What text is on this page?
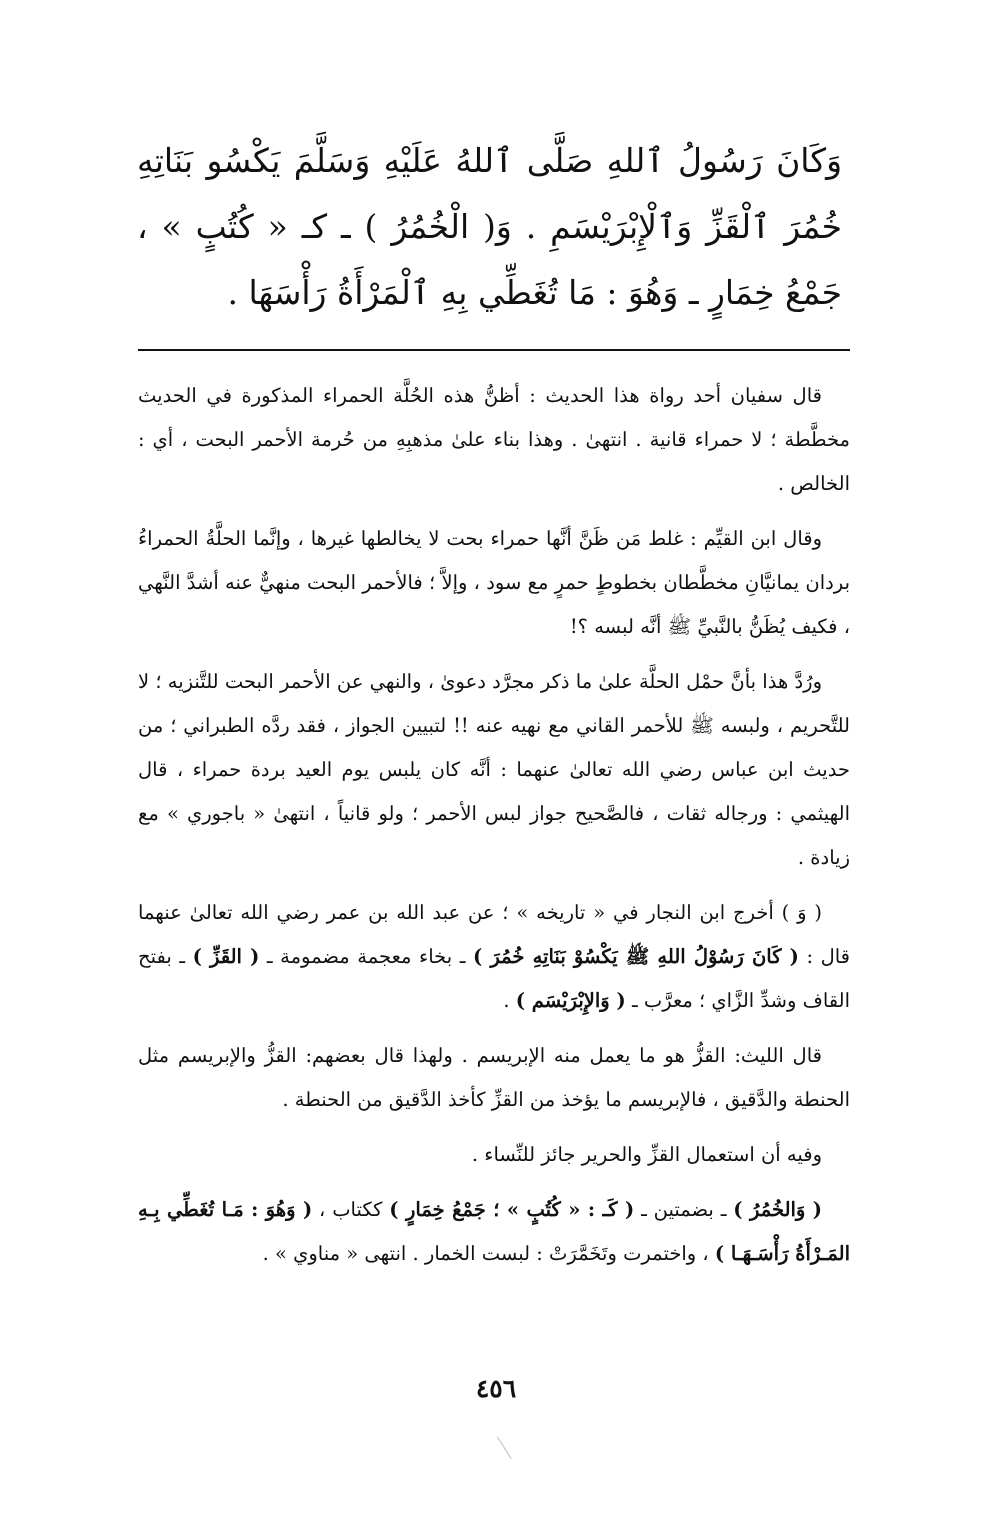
وَكَانَ رَسُولُ ٱللهِ صَلَّى ٱللهُ عَلَيْهِ وَسَلَّمَ يَكْسُو بَنَاتِهِ خُمُرَ ٱلْقَزِّ وَٱلْإِبْرَيْسَمِ . وَ( الْخُمُرُ ) ـ كـ « كُتُبٍ » ، جَمْعُ خِمَارٍ ـ وَهُوَ : مَا تُغَطِّي بِهِ ٱلْمَرْأَةُ رَأْسَهَا .

قال سفيان أحد رواة هذا الحديث : أظنُّ هذه الحُلَّة الحمراء المذكورة في الحديث مخطَّطة ؛ لا حمراء قانية . انتهىٰ . وهذا بناء علىٰ مذهبِهِ من حُرمة الأحمر البحت ، أي : الخالص .

وقال ابن القيِّم : غلط مَن ظَنَّ أنَّها حمراء بحت لا يخالطها غيرها ، وإنَّما الحلَّةُ الحمراءُ بردان يمانيَّانِ مخطَّطان بخطوطٍ حمرٍ مع سود ، وإلاَّ ؛ فالأحمر البحت منهيٌّ عنه أشدَّ النَّهي ، فكيف يُظَنُّ بالنَّبيِّ ﷺ أنَّه لبسه ؟!

ورُدَّ هذا بأنَّ حمْل الحلَّة علىٰ ما ذكر مجرَّد دعوىٰ ، والنهي عن الأحمر البحت للتَّنزيه ؛ لا للتَّحريم ، ولبسه ﷺ للأحمر القاني مع نهيه عنه !! لتبيين الجواز ، فقد ردَّه الطبراني ؛ من حديث ابن عباس رضي الله تعالىٰ عنهما : أنَّه كان يلبس يوم العيد بردة حمراء ، قال الهيثمي : ورجاله ثقات ، فالصَّحيح جواز لبس الأحمر ؛ ولو قانياً ، انتهىٰ « باجوري » مع زيادة .

( وَ ) أخرج ابن النجار في « تاريخه » ؛ عن عبد الله بن عمر رضي الله تعالىٰ عنهما قال : ( كَانَ رَسُوْلُ اللهِ ﷺ يَكْسُوْ بَنَاتِهِ خُمُرَ ) ـ بخاء معجمة مضمومة ـ ( القَزِّ ) ـ بفتح القاف وشدِّ الزَّاي ؛ معرَّب ـ ( وَالإِبْرَيْسَم ) .

قال الليث: القزُّ هو ما يعمل منه الإبريسم . ولهذا قال بعضهم: القزُّ والإبريسم مثل الحنطة والدَّقيق ، فالإبريسم ما يؤخذ من القزِّ كأخذ الدَّقيق من الحنطة .

وفيه أن استعمال القزِّ والحرير جائز للنِّساء .

( وَالخُمُرُ ) ـ بضمتين ـ ( كَـ : « كُتُبٍ » ؛ جَمْعُ خِمَارٍ ) ككتاب ، ( وَهُوَ : مَـا تُغَطِّي بِـهِ المَـرْأَةُ رَأْسَـهَـا ) ، واختمرت وتَخَمَّرَتْ : لبست الخمار . انتهى « مناوي » .

٤٥٦
